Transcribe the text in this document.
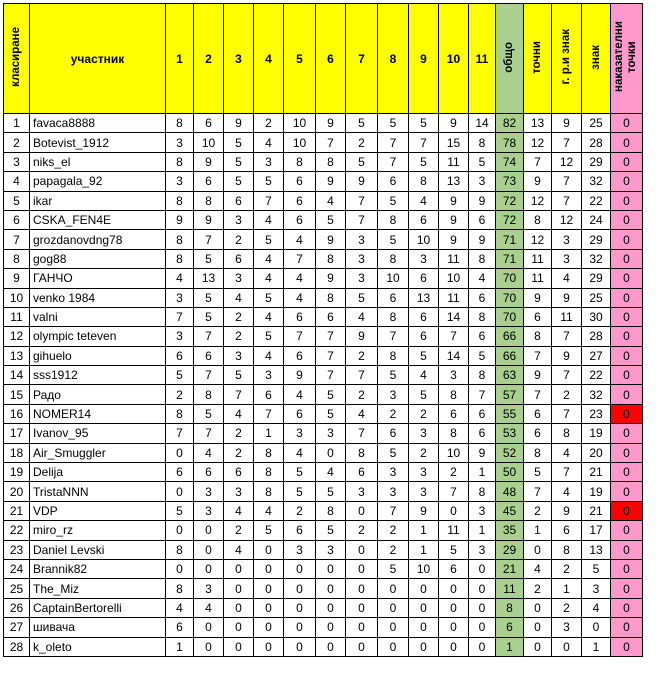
класиране	участник	1	2	3	4	5	6	7	8	9	10	11	общо	точни	г. р.и знак	знак	наказателни точки
1	favaca8888	8	6	9	2	10	9	5	5	5	9	14	82	13	9	25	0
2	Botevist_1912	3	10	5	4	10	7	2	7	7	15	8	78	12	7	28	0
3	niks_el	8	9	5	3	8	8	5	7	5	11	5	74	7	12	29	0
4	papagala_92	3	6	5	5	6	9	9	6	8	13	3	73	9	7	32	0
5	ikar	8	8	6	7	6	4	7	5	4	9	9	72	12	7	22	0
6	CSKA_FEN4E	9	9	3	4	6	5	7	8	6	9	6	72	8	12	24	0
7	grozdanovdng78	8	7	2	5	4	9	3	5	10	9	9	71	12	3	29	0
8	gog88	8	5	6	4	7	8	3	8	3	11	8	71	11	3	32	0
9	ГАНЧО	4	13	3	4	4	9	3	10	6	10	4	70	11	4	29	0
10	venko 1984	3	5	4	5	4	8	5	6	13	11	6	70	9	9	25	0
11	valni	7	5	2	4	6	6	4	8	6	14	8	70	6	11	30	0
12	olympic teteven	3	7	2	5	7	7	9	7	6	7	6	66	8	7	28	0
13	gihuelo	6	6	3	4	6	7	2	8	5	14	5	66	7	9	27	0
14	sss1912	5	7	5	3	9	7	7	5	4	3	8	63	9	7	22	0
15	Радо	2	8	7	6	4	5	2	3	5	8	7	57	7	2	32	0
16	NOMER14	8	5	4	7	6	5	4	2	2	6	6	55	6	7	23	0
17	Ivanov_95	7	7	2	1	3	3	7	6	3	8	6	53	6	8	19	0
18	Air_Smuggler	0	4	2	8	4	0	8	5	2	10	9	52	8	4	20	0
19	Delija	6	6	6	8	5	4	6	3	3	2	1	50	5	7	21	0
20	TristaNNN	0	3	3	8	5	5	3	3	3	7	8	48	7	4	19	0
21	VDP	5	3	4	4	2	8	0	7	9	0	3	45	2	9	21	0
22	miro_rz	0	0	2	5	6	5	2	2	1	11	1	35	1	6	17	0
23	Daniel Levski	8	0	4	0	3	3	0	2	1	5	3	29	0	8	13	0
24	Brannik82	0	0	0	0	0	0	0	5	10	6	0	21	4	2	5	0
25	The_Miz	8	3	0	0	0	0	0	0	0	0	0	11	2	1	3	0
26	CaptainBertorelli	4	4	0	0	0	0	0	0	0	0	0	8	0	2	4	0
27	шивача	6	0	0	0	0	0	0	0	0	0	0	6	0	3	0	0
28	k_oleto	1	0	0	0	0	0	0	0	0	0	0	1	0	0	1	0
